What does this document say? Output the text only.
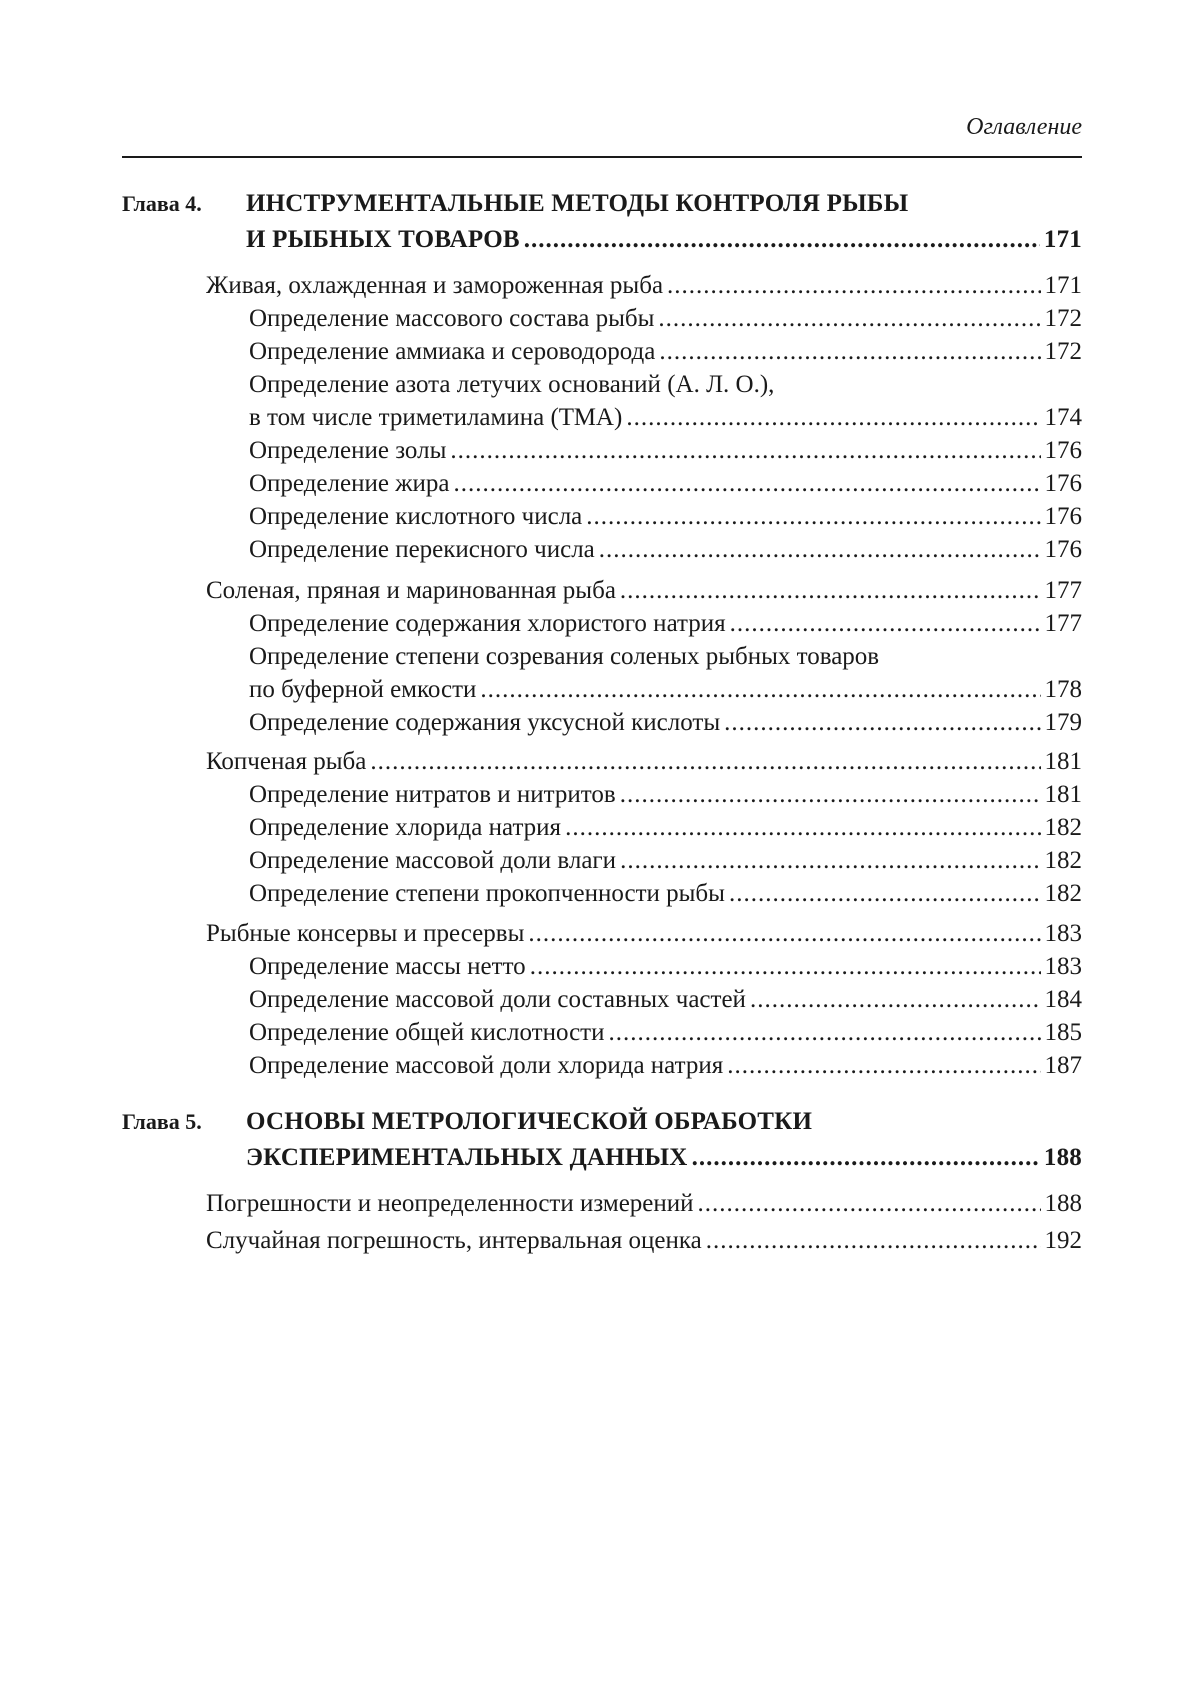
Оглавление
Глава 4. ИНСТРУМЕНТАЛЬНЫЕ МЕТОДЫ КОНТРОЛЯ РЫБЫ
И РЫБНЫХ ТОВАРОВ .....	171
Живая, охлажденная и замороженная рыба .....	171
Определение массового состава рыбы .....	172
Определение аммиака и сероводорода .....	172
Определение азота летучих оснований (А. Л. О.),
в том числе триметиламина (ТМА) .....	174
Определение золы .....	176
Определение жира .....	176
Определение кислотного числа .....	176
Определение перекисного числа .....	176
Соленая, пряная и маринованная рыба .....	177
Определение содержания хлористого натрия .....	177
Определение степени созревания соленых рыбных товаров
по буферной емкости .....	178
Определение содержания уксусной кислоты .....	179
Копченая рыба .....	181
Определение нитратов и нитритов .....	181
Определение хлорида натрия .....	182
Определение массовой доли влаги .....	182
Определение степени прокопченности рыбы .....	182
Рыбные консервы и пресервы .....	183
Определение массы нетто .....	183
Определение массовой доли составных частей .....	184
Определение общей кислотности .....	185
Определение массовой доли хлорида натрия .....	187
Глава 5. ОСНОВЫ МЕТРОЛОГИЧЕСКОЙ ОБРАБОТКИ
ЭКСПЕРИМЕНТАЛЬНЫХ ДАННЫХ .....	188
Погрешности и неопределенности измерений .....	188
Случайная погрешность, интервальная оценка .....	192
